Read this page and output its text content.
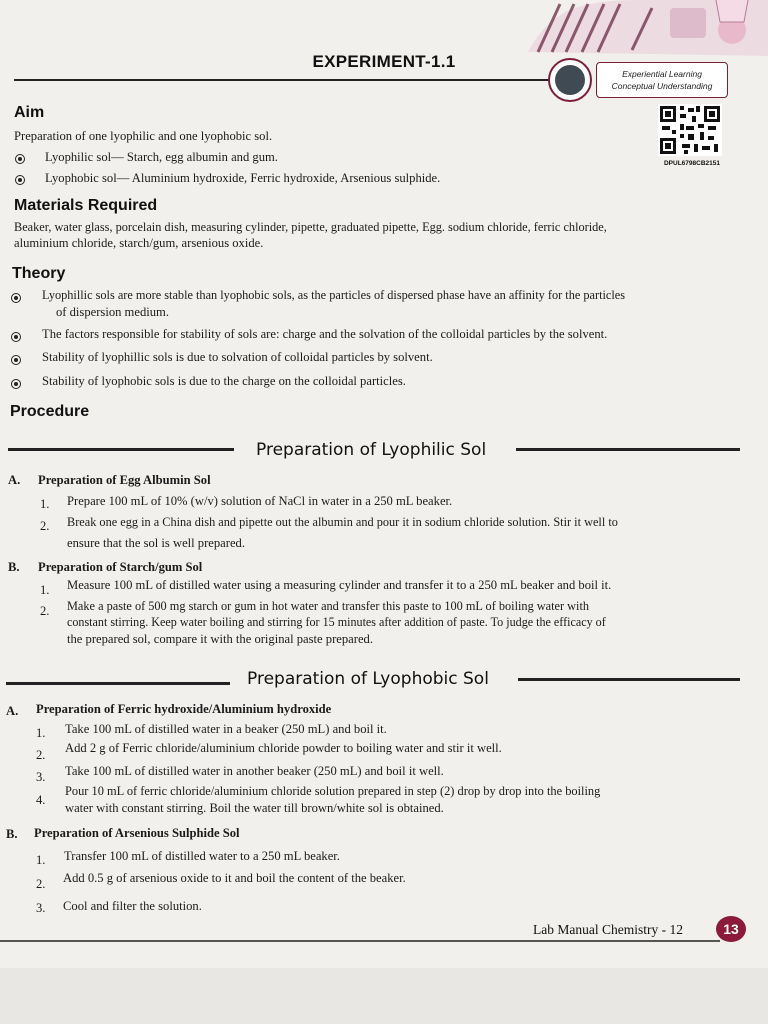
EXPERIMENT-1.1
Experiential Learning
Conceptual Understanding
DPUL6798CB2151
Aim
Preparation of one lyophilic and one lyophobic sol.
Lyophilic sol— Starch, egg albumin and gum.
Lyophobic sol— Aluminium hydroxide, Ferric hydroxide, Arsenious sulphide.
Materials Required
Beaker, water glass, porcelain dish, measuring cylinder, pipette, graduated pipette, Egg. sodium chloride, ferric chloride,
aluminium chloride, starch/gum, arsenious oxide.
Theory
Lyophillic sols are more stable than lyophobic sols, as the particles of dispersed phase have an affinity for the particles
of dispersion medium.
The factors responsible for stability of sols are: charge and the solvation of the colloidal particles by the solvent.
Stability of lyophillic sols is due to solvation of colloidal particles by solvent.
Stability of lyophobic sols is due to the charge on the colloidal particles.
Procedure
Preparation of Lyophilic Sol
A. Preparation of Egg Albumin Sol
1. Prepare 100 mL of 10% (w/v) solution of NaCl in water in a 250 mL beaker.
2. Break one egg in a China dish and pipette out the albumin and pour it in sodium chloride solution. Stir it well to
ensure that the sol is well prepared.
B. Preparation of Starch/gum Sol
1. Measure 100 mL of distilled water using a measuring cylinder and transfer it to a 250 mL beaker and boil it.
2. Make a paste of 500 mg starch or gum in hot water and transfer this paste to 100 mL of boiling water with
constant stirring. Keep water boiling and stirring for 15 minutes after addition of paste. To judge the efficacy of
the prepared sol, compare it with the original paste prepared.
Preparation of Lyophobic Sol
A. Preparation of Ferric hydroxide/Aluminium hydroxide
1. Take 100 mL of distilled water in a beaker (250 mL) and boil it.
2. Add 2 g of Ferric chloride/aluminium chloride powder to boiling water and stir it well.
3. Take 100 mL of distilled water in another beaker (250 mL) and boil it well.
4.
Pour 10 mL of ferric chloride/aluminium chloride solution prepared in step (2) drop by drop into the boiling
water with constant stirring. Boil the water till brown/white sol is obtained.
B. Preparation of Arsenious Sulphide Sol
1. Transfer 100 mL of distilled water to a 250 mL beaker.
2. Add 0.5 g of arsenious oxide to it and boil the content of the beaker.
3. Cool and filter the solution.
Lab Manual Chemistry - 12	13
